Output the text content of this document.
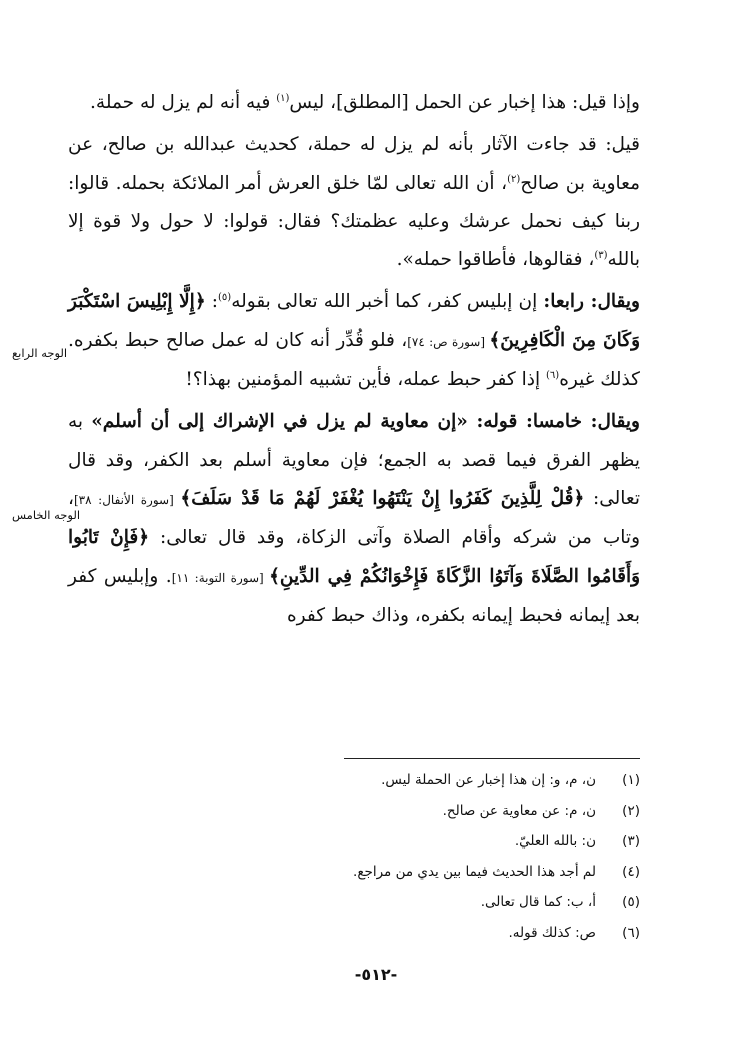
الوجه الرابع
الوجه الخامس

وإذا قيل: هذا إخبار عن الحمل [المطلق]، ليس$^{(١)}$ فيه أنه لم يزل له حملة.

قيل: قد جاءت الآثار بأنه لم يزل له حملة، كحديث عبدالله بن صالح، عن معاوية بن صالح$^{(٢)}$، أن الله تعالى لمّا خلق العرش أمر الملائكة بحمله. قالوا: ربنا كيف نحمل عرشك وعليه عظمتك؟ فقال: قولوا: لا حول ولا قوة إلا بالله$^{(٣)}$، فقالوها، فأطاقوا حمله».

ويقال: رابعا: إن إبليس كفر، كما أخبر الله تعالى بقوله$^{(٥)}$: ﴿إِلَّا إِبْلِيسَ اسْتَكْبَرَ وَكَانَ مِنَ الْكَافِرِينَ﴾ [سورة ص: ٧٤]، فلو قُدِّر أنه كان له عمل صالح حبط بكفره. كذلك غيره$^{(٦)}$ إذا كفر حبط عمله، فأين تشبيه المؤمنين بهذا؟!

ويقال: خامسا: قوله: «إن معاوية لم يزل في الإشراك إلى أن أسلم» به يظهر الفرق فيما قصد به الجمع؛ فإن معاوية أسلم بعد الكفر، وقد قال تعالى: ﴿قُلْ لِلَّذِينَ كَفَرُوا إِنْ يَنْتَهُوا يُغْفَرْ لَهُمْ مَا قَدْ سَلَفَ﴾ [سورة الأنفال: ٣٨]، وتاب من شركه وأقام الصلاة وآتى الزكاة، وقد قال تعالى: ﴿فَإِنْ تَابُوا وَأَقَامُوا الصَّلَاةَ وَآتَوُا الزَّكَاةَ فَإِخْوَانُكُمْ فِي الدِّينِ﴾ [سورة التوبة: ١١]. وإبليس كفر بعد إيمانه فحبط إيمانه بكفره، وذاك حبط كفره

(١)
ن، م، و: إن هذا إخبار عن الحملة ليس.
(٢)
ن، م: عن معاوية عن صالح.
(٣)
ن: بالله العليّ.
(٤)
لم أجد هذا الحديث فيما بين يدي من مراجع.
(٥)
أ، ب: كما قال تعالى.
(٦)
ص: كذلك قوله.
-٥١٢-
